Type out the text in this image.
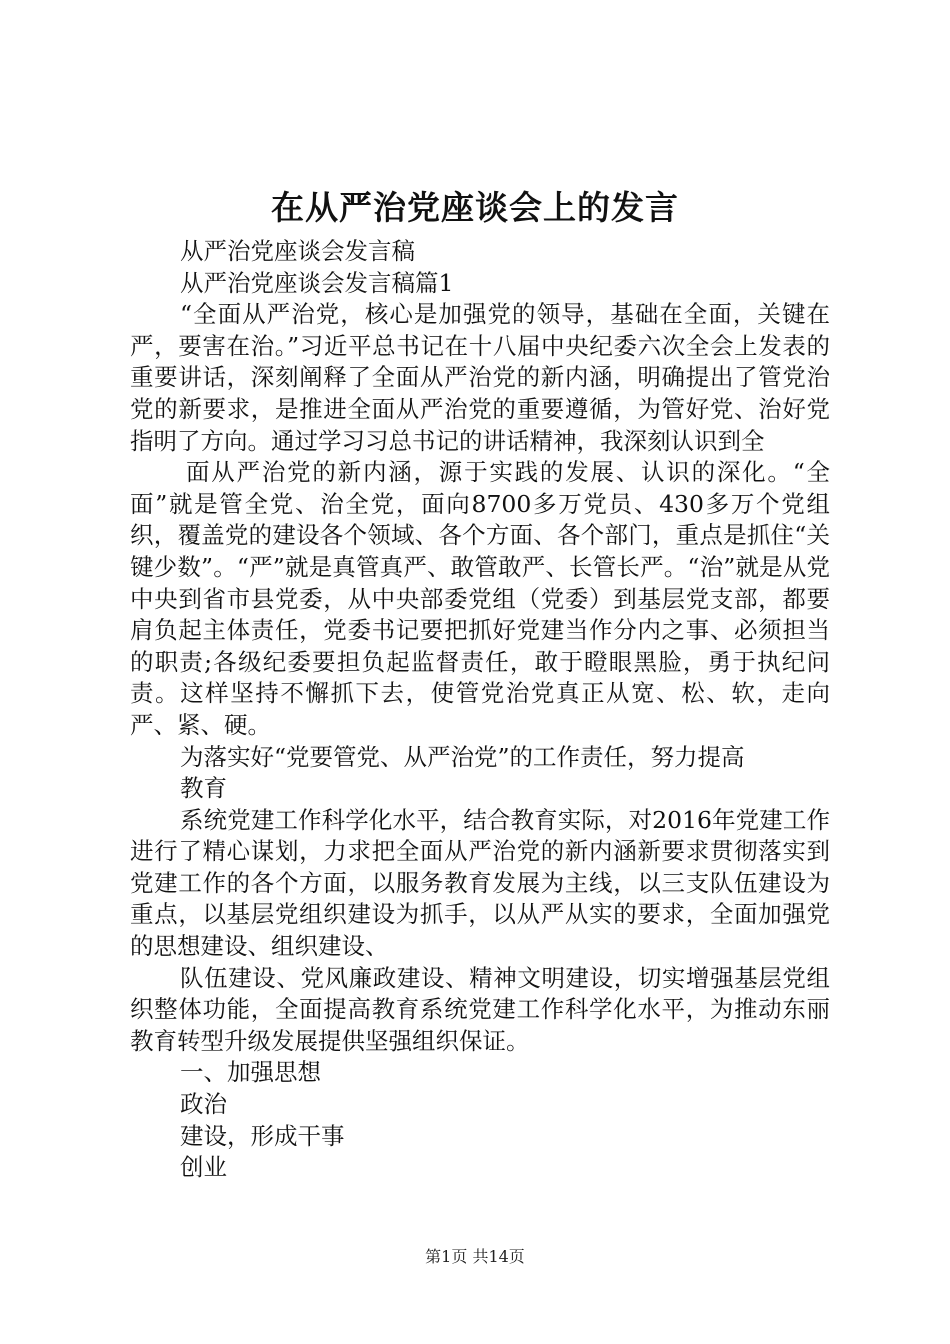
在从严治党座谈会上的发言

从严治党座谈会发言稿

从严治党座谈会发言稿篇1

“全面从严治党，核心是加强党的领导，基础在全面，关键在严，要害在治。”习近平总书记在十八届中央纪委六次全会上发表的重要讲话，深刻阐释了全面从严治党的新内涵，明确提出了管党治党的新要求，是推进全面从严治党的重要遵循，为管好党、治好党指明了方向。通过学习习总书记的讲话精神，我深刻认识到全

面从严治党的新内涵，源于实践的发展、认识的深化。“全面”就是管全党、治全党，面向8700多万党员、430多万个党组织，覆盖党的建设各个领域、各个方面、各个部门，重点是抓住“关键少数”。“严”就是真管真严、敢管敢严、长管长严。“治”就是从党中央到省市县党委，从中央部委党组（党委）到基层党支部，都要肩负起主体责任，党委书记要把抓好党建当作分内之事、必须担当的职责;各级纪委要担负起监督责任，敢于瞪眼黑脸，勇于执纪问责。这样坚持不懈抓下去，使管党治党真正从宽、松、软，走向严、紧、硬。

为落实好“党要管党、从严治党”的工作责任，努力提高

教育

系统党建工作科学化水平，结合教育实际，对2016年党建工作进行了精心谋划，力求把全面从严治党的新内涵新要求贯彻落实到党建工作的各个方面，以服务教育发展为主线，以三支队伍建设为重点，以基层党组织建设为抓手，以从严从实的要求，全面加强党的思想建设、组织建设、

队伍建设、党风廉政建设、精神文明建设，切实增强基层党组织整体功能，全面提高教育系统党建工作科学化水平，为推动东丽教育转型升级发展提供坚强组织保证。

一、加强思想

政治

建设，形成干事

创业

第1页 共14页
